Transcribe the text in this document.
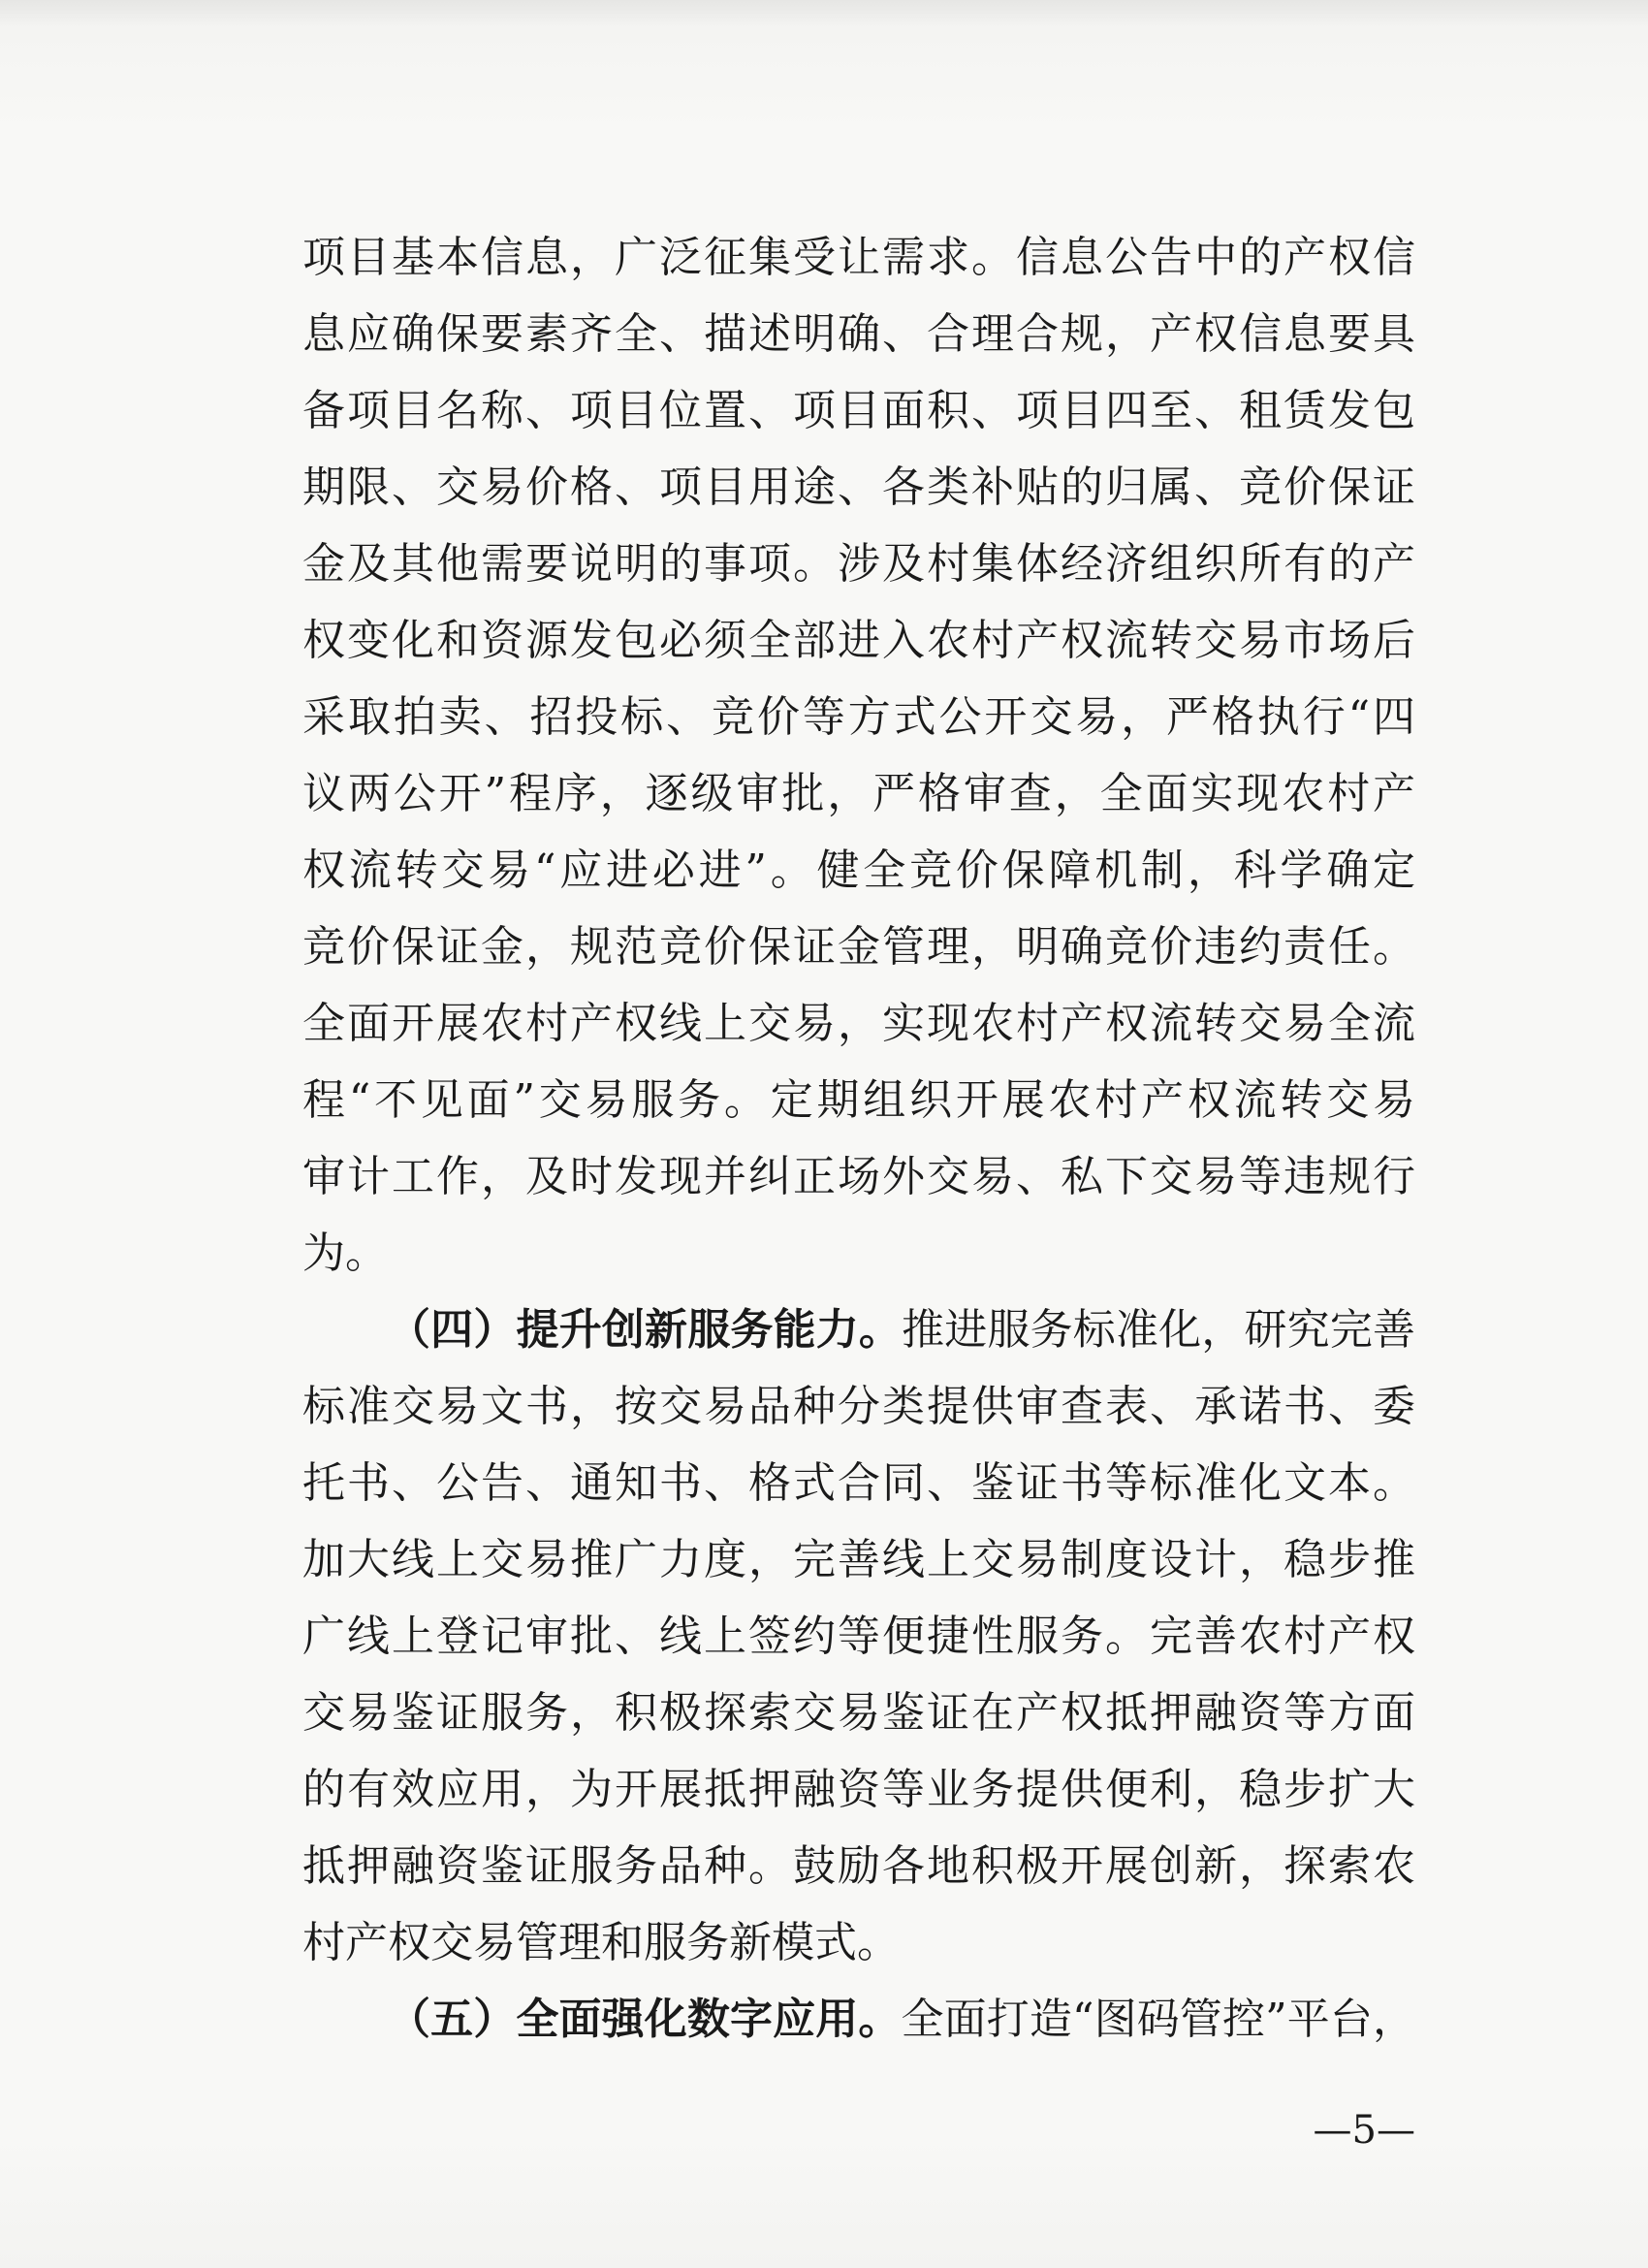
项目基本信息，广泛征集受让需求。信息公告中的产权信
息应确保要素齐全、描述明确、合理合规，产权信息要具
备项目名称、项目位置、项目面积、项目四至、租赁发包
期限、交易价格、项目用途、各类补贴的归属、竞价保证
金及其他需要说明的事项。涉及村集体经济组织所有的产
权变化和资源发包必须全部进入农村产权流转交易市场后
采取拍卖、招投标、竞价等方式公开交易，严格执行“四
议两公开”程序，逐级审批，严格审查，全面实现农村产
权流转交易“应进必进”。健全竞价保障机制，科学确定
竞价保证金，规范竞价保证金管理，明确竞价违约责任。
全面开展农村产权线上交易，实现农村产权流转交易全流
程“不见面”交易服务。定期组织开展农村产权流转交易
审计工作，及时发现并纠正场外交易、私下交易等违规行
为。
（四）提升创新服务能力。推进服务标准化，研究完善
标准交易文书，按交易品种分类提供审查表、承诺书、委
托书、公告、通知书、格式合同、鉴证书等标准化文本。
加大线上交易推广力度，完善线上交易制度设计，稳步推
广线上登记审批、线上签约等便捷性服务。完善农村产权
交易鉴证服务，积极探索交易鉴证在产权抵押融资等方面
的有效应用，为开展抵押融资等业务提供便利，稳步扩大
抵押融资鉴证服务品种。鼓励各地积极开展创新，探索农
村产权交易管理和服务新模式。
（五）全面强化数字应用。全面打造“图码管控”平台，
—5—
